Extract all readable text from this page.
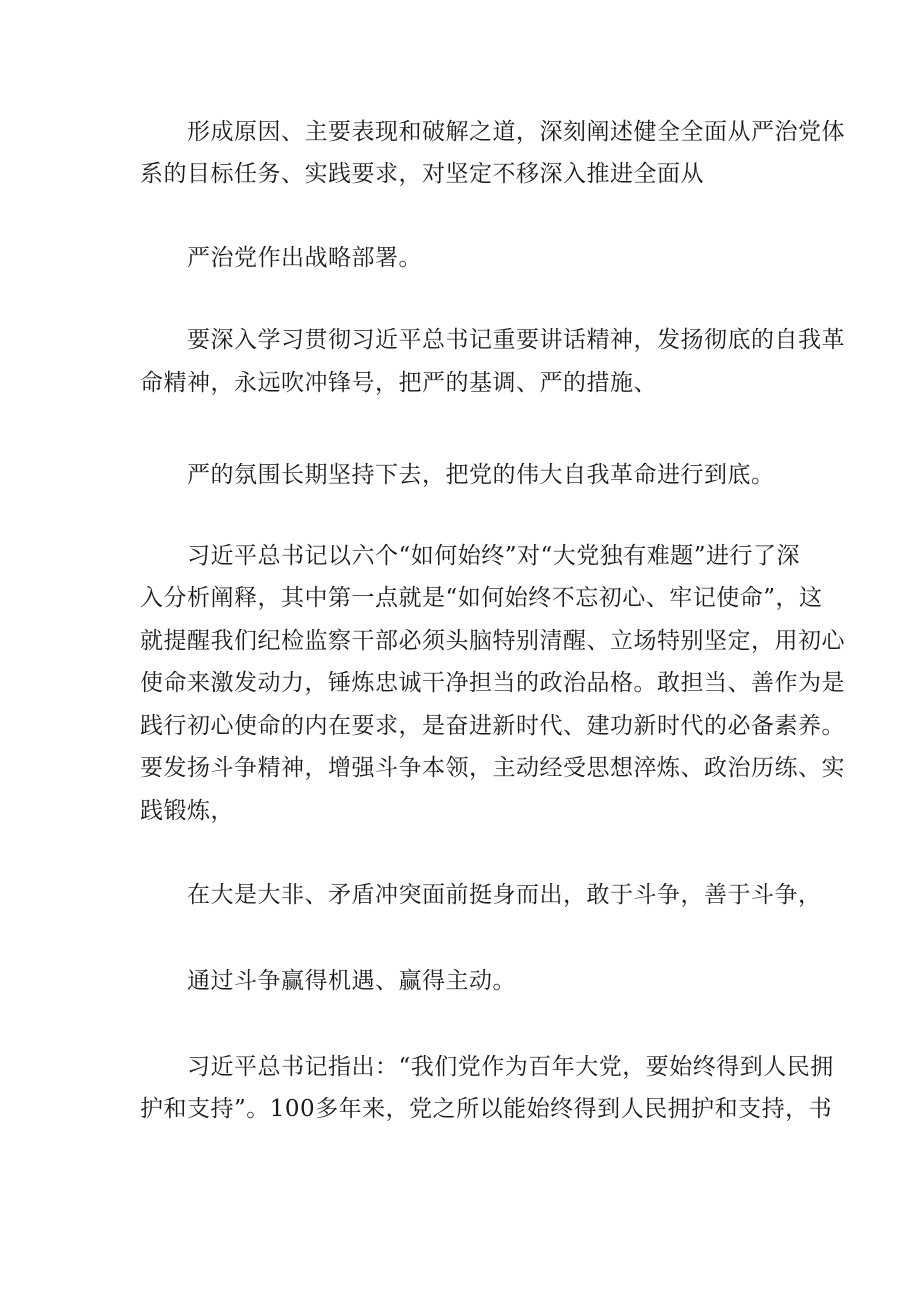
形成原因、主要表现和破解之道，深刻阐述健全全面从严治党体
系的目标任务、实践要求，对坚定不移深入推进全面从
严治党作出战略部署。
要深入学习贯彻习近平总书记重要讲话精神，发扬彻底的自我革
命精神，永远吹冲锋号，把严的基调、严的措施、
严的氛围长期坚持下去，把党的伟大自我革命进行到底。
习近平总书记以六个“如何始终”对“大党独有难题”进行了深
入分析阐释，其中第一点就是“如何始终不忘初心、牢记使命”，这
就提醒我们纪检监察干部必须头脑特别清醒、立场特别坚定，用初心
使命来激发动力，锤炼忠诚干净担当的政治品格。敢担当、善作为是
践行初心使命的内在要求，是奋进新时代、建功新时代的必备素养。
要发扬斗争精神，增强斗争本领，主动经受思想淬炼、政治历练、实
践锻炼，
在大是大非、矛盾冲突面前挺身而出，敢于斗争，善于斗争，
通过斗争赢得机遇、赢得主动。
习近平总书记指出：“我们党作为百年大党，要始终得到人民拥
护和支持”。100多年来，党之所以能始终得到人民拥护和支持，书
